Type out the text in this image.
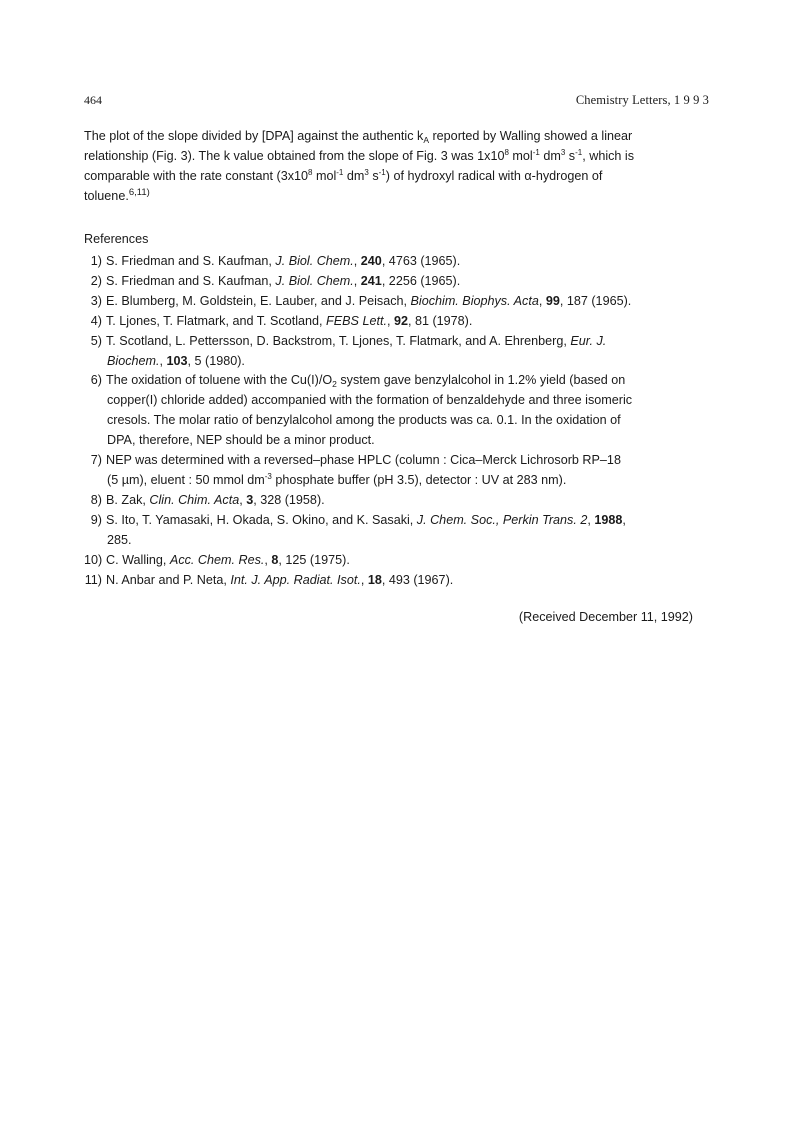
464	Chemistry Letters, 1 9 9 3
The plot of the slope divided by [DPA] against the authentic $k_A$ reported by Walling showed a linear
relationship (Fig. 3). The k value obtained from the slope of Fig. 3 was $1x10^8$ mol$^{-1}$ $dm^3$ $s^{-1}$, which is
comparable with the rate constant ($3x10^8$ mol$^{-1}$ $dm^3$ $s^{-1}$) of hydroxyl radical with α-hydrogen of
toluene.$^{6,11)}$
References
1) S. Friedman and S. Kaufman, J. Biol. Chem., 240, 4763 (1965).
2) S. Friedman and S. Kaufman, J. Biol. Chem., 241, 2256 (1965).
3) E. Blumberg, M. Goldstein, E. Lauber, and J. Peisach, Biochim. Biophys. Acta, 99, 187 (1965).
4) T. Ljones, T. Flatmark, and T. Scotland, FEBS Lett., 92, 81 (1978).
5) T. Scotland, L. Pettersson, D. Backstrom, T. Ljones, T. Flatmark, and A. Ehrenberg, Eur. J.
Biochem., 103, 5 (1980).
6) The oxidation of toluene with the $Cu(I)/O_2$ system gave benzylalcohol in 1.2% yield (based on
copper(I) chloride added) accompanied with the formation of benzaldehyde and three isomeric
cresols. The molar ratio of benzylalcohol among the products was ca. 0.1. In the oxidation of
DPA, therefore, NEP should be a minor product.
7) NEP was determined with a reversed–phase HPLC (column : Cica–Merck Lichrosorb RP–18
(5 µm), eluent : 50 mmol $dm^{-3}$ phosphate buffer (pH 3.5), detector : UV at 283 nm).
8) B. Zak, Clin. Chim. Acta, 3, 328 (1958).
9) S. Ito, T. Yamasaki, H. Okada, S. Okino, and K. Sasaki, J. Chem. Soc., Perkin Trans. 2, 1988,
285.
10) C. Walling, Acc. Chem. Res., 8, 125 (1975).
11) N. Anbar and P. Neta, Int. J. App. Radiat. Isot., 18, 493 (1967).
(Received December 11, 1992)
